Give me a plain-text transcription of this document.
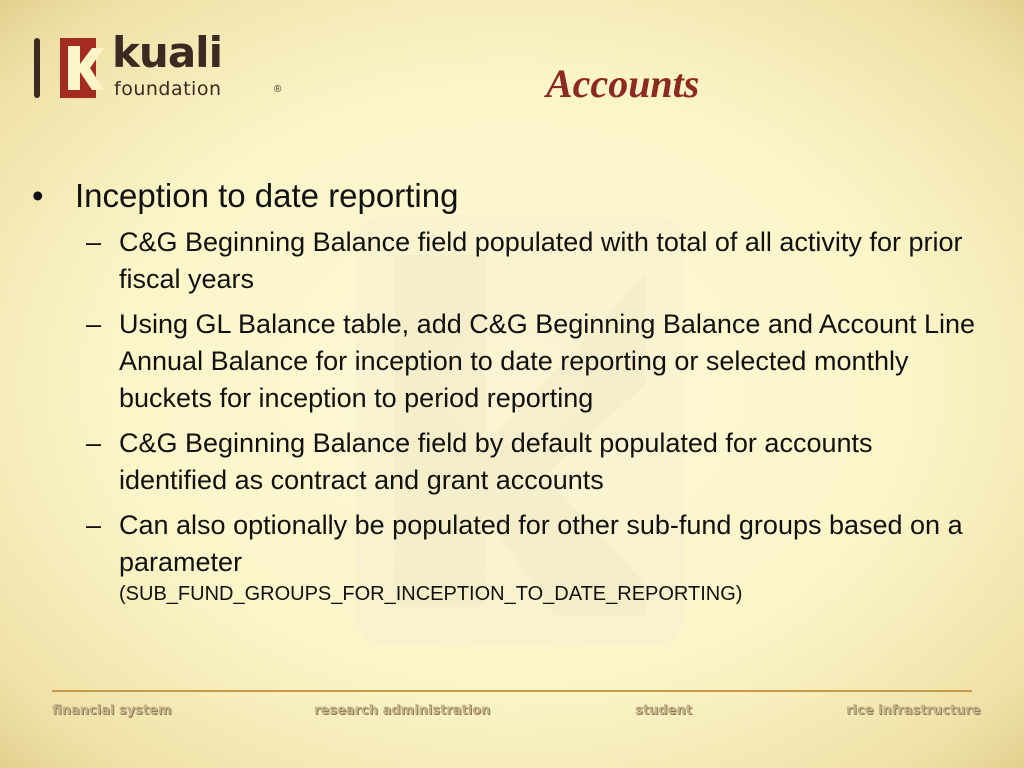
kuali
foundation	®	Accounts
• Inception to date reporting
– C&G Beginning Balance field populated with total of all activity for prior fiscal years
– Using GL Balance table, add C&G Beginning Balance and Account Line Annual Balance for inception to date reporting or selected monthly buckets for inception to period reporting
– C&G Beginning Balance field by default populated for accounts identified as contract and grant accounts
– Can also optionally be populated for other sub-fund groups based on a parameter
(SUB_FUND_GROUPS_FOR_INCEPTION_TO_DATE_REPORTING)
financial system	research administration	student	rice infrastructure
